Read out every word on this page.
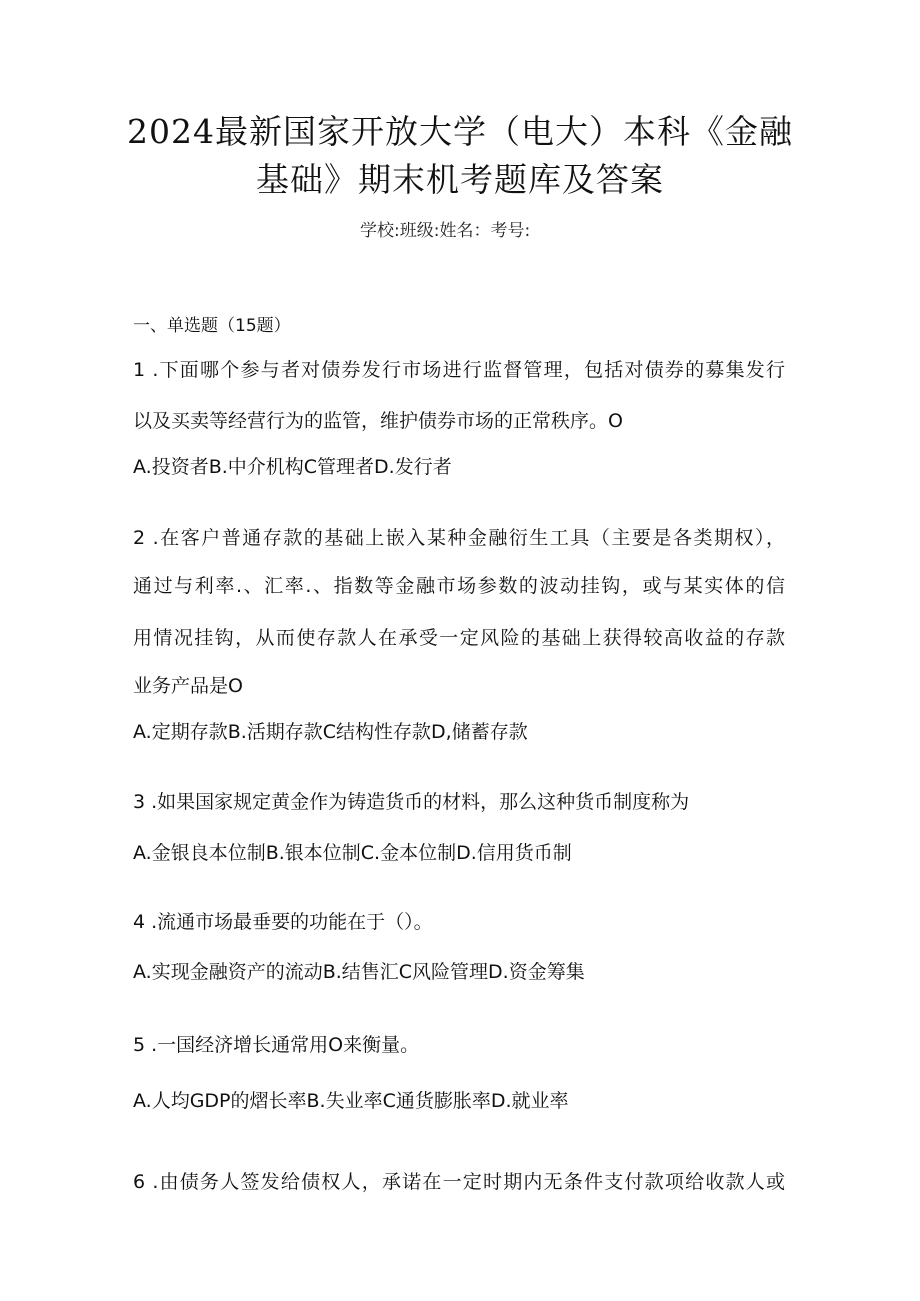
2024最新国家开放大学（电大）本科《金融
基础》期末机考题库及答案
学校:班级:姓名：考号:
一、单选题（15题）
1 .下面哪个参与者对债券发行市场进行监督管理，包括对债券的募集发行
以及买卖等经营行为的监管，维护债券市场的正常秩序。O
A.投资者B.中介机构C管理者D.发行者
2 .在客户普通存款的基础上嵌入某种金融衍生工具（主要是各类期权），
通过与利率.、汇率.、指数等金融市场参数的波动挂钩，或与某实体的信
用情况挂钩，从而使存款人在承受一定风险的基础上获得较高收益的存款
业务产品是O
A.定期存款B.活期存款C结构性存款D,储蓄存款
3 .如果国家规定黄金作为铸造货币的材料，那么这种货币制度称为
A.金银良本位制B.银本位制C.金本位制D.信用货币制
4 .流通市场最垂要的功能在于（）。
A.实现金融资产的流动B.结售汇C风险管理D.资金筹集
5 .一国经济增长通常用O来衡量。
A.人均GDP的熠长率B.失业率C通货膨胀率D.就业率
6 .由债务人签发给债权人，承诺在一定时期内无条件支付款项给收款人或
